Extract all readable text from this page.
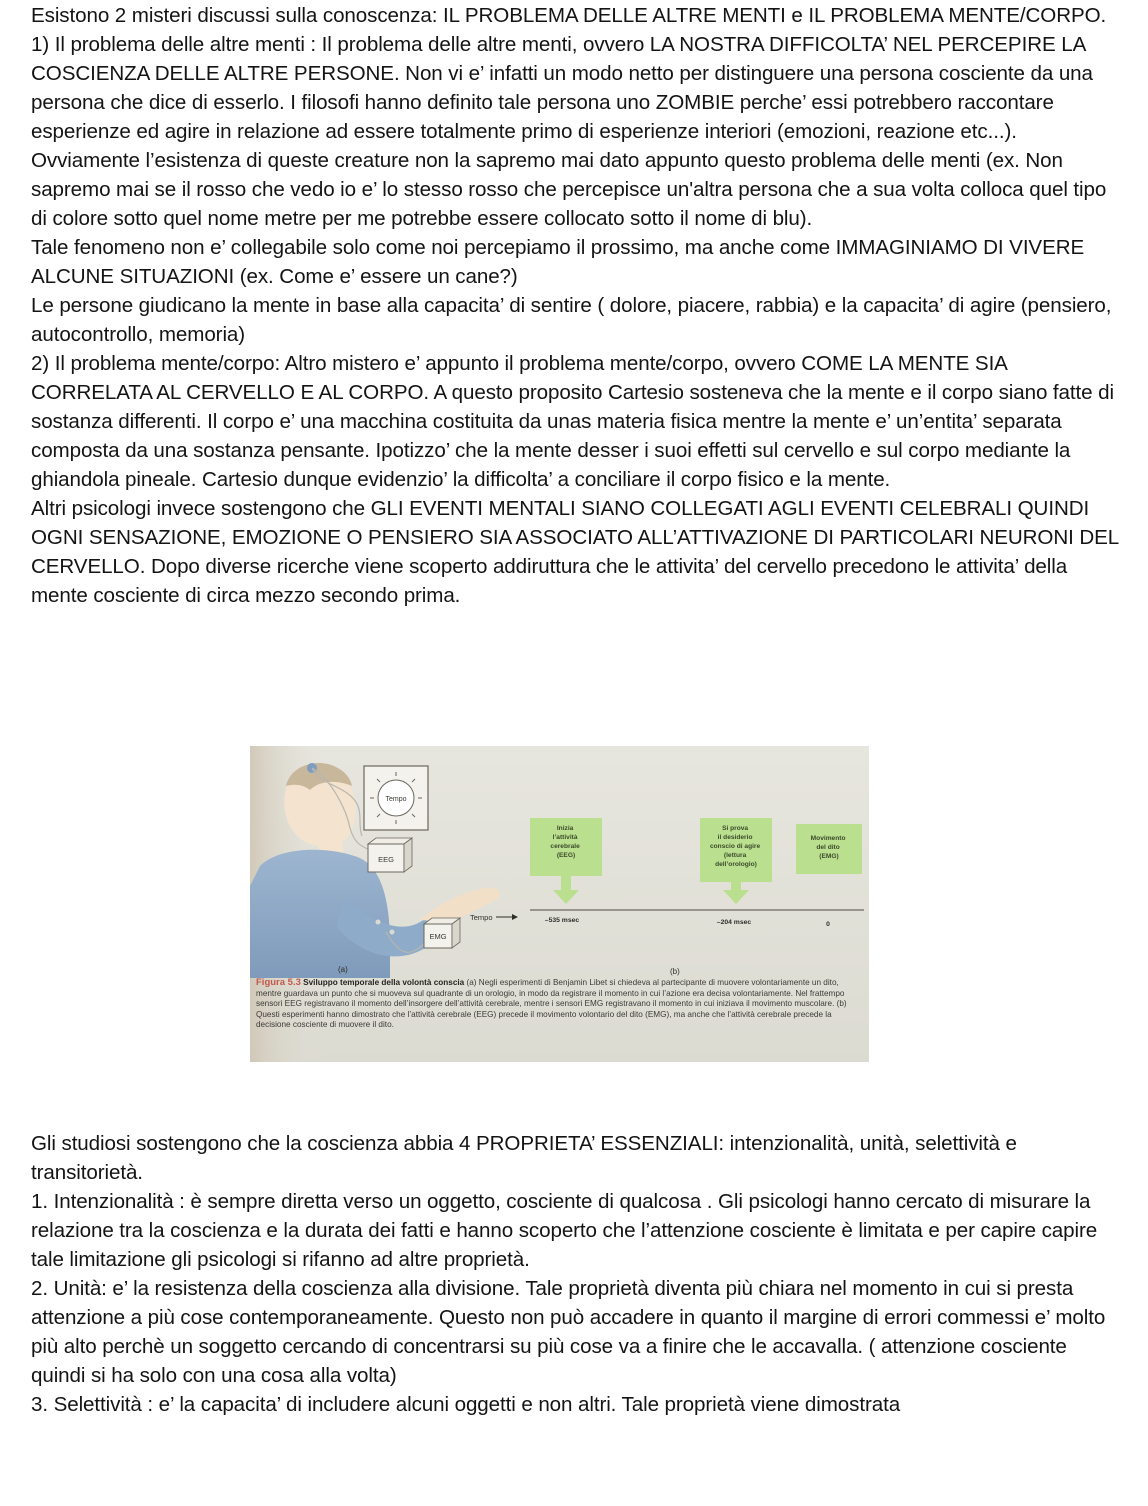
Esistono 2 misteri discussi sulla conoscenza: IL PROBLEMA DELLE ALTRE MENTI e IL PROBLEMA MENTE/CORPO.

1) Il problema delle altre menti : Il problema delle altre menti, ovvero LA NOSTRA DIFFICOLTA’ NEL PERCEPIRE LA COSCIENZA DELLE ALTRE PERSONE. Non vi e’ infatti un modo netto per distinguere una persona cosciente da una persona che dice di esserlo. I filosofi hanno definito tale persona uno ZOMBIE perche’ essi potrebbero raccontare esperienze ed agire in relazione ad essere totalmente primo di esperienze interiori (emozioni, reazione etc...). Ovviamente l’esistenza di queste creature non la sapremo mai dato appunto questo problema delle menti (ex. Non sapremo mai se il rosso che vedo io e’ lo stesso rosso che percepisce un'altra persona che a sua volta colloca quel tipo di colore sotto quel nome metre per me potrebbe essere collocato sotto il nome di blu).

Tale fenomeno non e’ collegabile solo come noi percepiamo il prossimo, ma anche come IMMAGINIAMO DI VIVERE ALCUNE SITUAZIONI (ex. Come e’ essere un cane?)

Le persone giudicano la mente in base alla capacita’ di sentire ( dolore, piacere, rabbia) e la capacita’ di agire (pensiero, autocontrollo, memoria)

2) Il problema mente/corpo: Altro mistero e’ appunto il problema mente/corpo, ovvero COME LA MENTE SIA CORRELATA AL CERVELLO E AL CORPO. A questo proposito Cartesio sosteneva che la mente e il corpo siano fatte di sostanza differenti. Il corpo e’ una macchina costituita da unas materia fisica mentre la mente e’ un’entita’ separata composta da una sostanza pensante. Ipotizzo’ che la mente desser i suoi effetti sul cervello e sul corpo mediante la ghiandola pineale. Cartesio dunque evidenzio’ la difficolta’ a conciliare il corpo fisico e la mente.

Altri psicologi invece sostengono che GLI EVENTI MENTALI SIANO COLLEGATI AGLI EVENTI CELEBRALI QUINDI OGNI SENSAZIONE, EMOZIONE O PENSIERO SIA ASSOCIATO ALL’ATTIVAZIONE DI PARTICOLARI NEURONI DEL CERVELLO. Dopo diverse ricerche viene scoperto addiruttura che le attivita’ del cervello precedono le attivita’ della mente cosciente di circa mezzo secondo prima.

Tempo
EEG
EMG
(a)	(b)
Tempo
Inizia l’attività cerebrale (EEG)
Si prova il desiderio conscio di agire (lettura dell’orologio)
Movimento del dito (EMG)
–535 msec	–204 msec	0
Figura 5.3 Sviluppo temporale della volontà conscia (a) Negli esperimenti di Benjamin Libet si chiedeva al partecipante di muovere volontariamente un dito, mentre guardava un punto che si muoveva sul quadrante di un orologio, in modo da registrare il momento in cui l’azione era decisa volontariamente. Nel frattempo sensori EEG registravano il momento dell’insorgere dell’attività cerebrale, mentre i sensori EMG registravano il momento in cui iniziava il movimento muscolare. (b) Questi esperimenti hanno dimostrato che l’attività cerebrale (EEG) precede il movimento volontario del dito (EMG), ma anche che l’attività cerebrale precede la decisione cosciente di muovere il dito.

Gli studiosi sostengono che la coscienza abbia 4 PROPRIETA’ ESSENZIALI: intenzionalità, unità, selettività e transitorietà.

1. Intenzionalità : è sempre diretta verso un oggetto, cosciente di qualcosa . Gli psicologi hanno cercato di misurare la relazione tra la coscienza e la durata dei fatti e hanno scoperto che l’attenzione cosciente è limitata e per capire capire tale limitazione gli psicologi si rifanno ad altre proprietà.

2. Unità: e’ la resistenza della coscienza alla divisione. Tale proprietà diventa più chiara nel momento in cui si presta attenzione a più cose contemporaneamente. Questo non può accadere in quanto il margine di errori commessi e’ molto più alto perchè un soggetto cercando di concentrarsi su più cose va a finire che le accavalla. ( attenzione cosciente quindi si ha solo con una cosa alla volta)

3. Selettività : e’ la capacita’ di includere alcuni oggetti e non altri. Tale proprietà viene dimostrata
